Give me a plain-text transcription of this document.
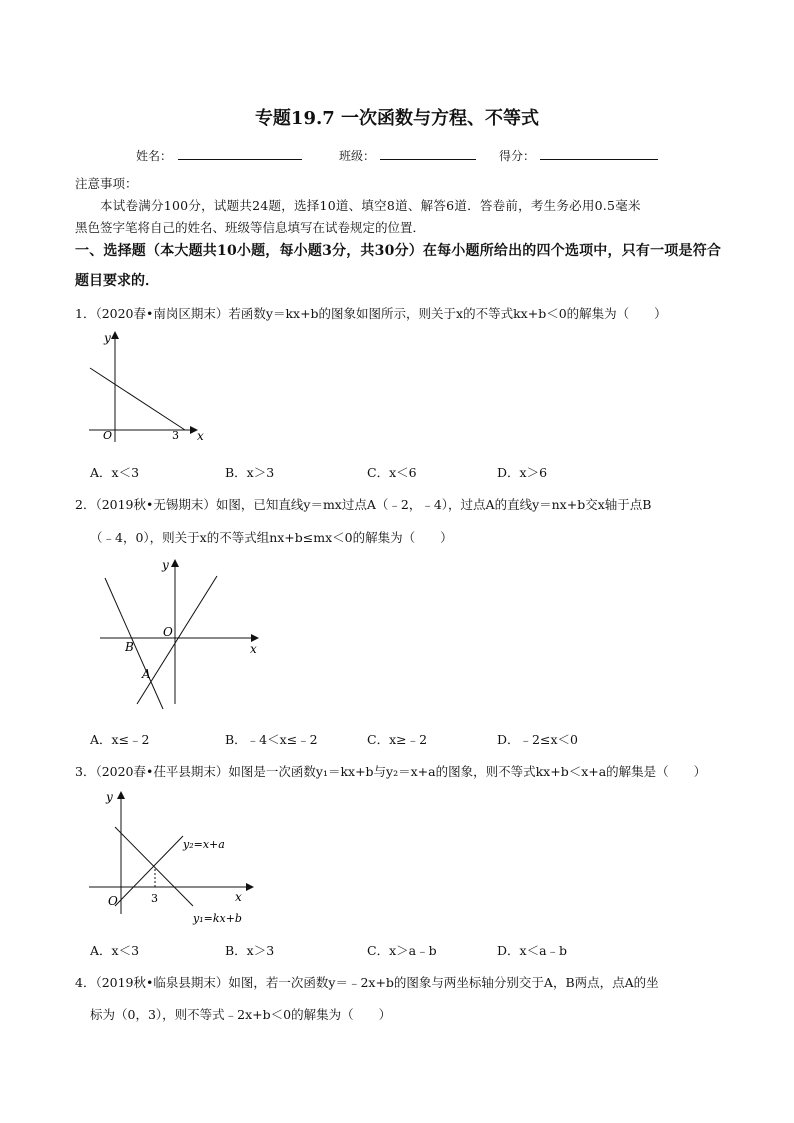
专题19.7 一次函数与方程、不等式
姓名：	班级：	得分：
注意事项：
本试卷满分100分，试题共24题，选择10道、填空8道、解答6道．答卷前，考生务必用0.5毫米
黑色签字笔将自己的姓名、班级等信息填写在试卷规定的位置．
一、选择题（本大题共10小题，每小题3分，共30分）在每小题所给出的四个选项中，只有一项是符合
题目要求的．
1．（2020春•南岗区期末）若函数y＝kx+b的图象如图所示，则关于x的不等式kx+b＜0的解集为（　　）
y
x
O	3
A．x＜3	B．x＞3	C．x＜6	D．x＞6
2．（2019秋•无锡期末）如图，已知直线y＝mx过点A（﹣2，﹣4），过点A的直线y＝nx+b交x轴于点B
（﹣4，0），则关于x的不等式组nx+b≤mx＜0的解集为（　　）
y
x
O
B
A
A．x≤﹣2	B．﹣4＜x≤﹣2	C．x≥﹣2	D．﹣2≤x＜0
3．（2020春•茌平县期末）如图是一次函数y₁＝kx+b与y₂＝x+a的图象，则不等式kx+b＜x+a的解集是（　　）
y
x
O	3
y₂=x+a
y₁=kx+b
A．x＜3	B．x＞3	C．x＞a﹣b	D．x＜a﹣b
4．（2019秋•临泉县期末）如图，若一次函数y＝﹣2x+b的图象与两坐标轴分别交于A，B两点，点A的坐
标为（0，3），则不等式﹣2x+b＜0的解集为（　　）
